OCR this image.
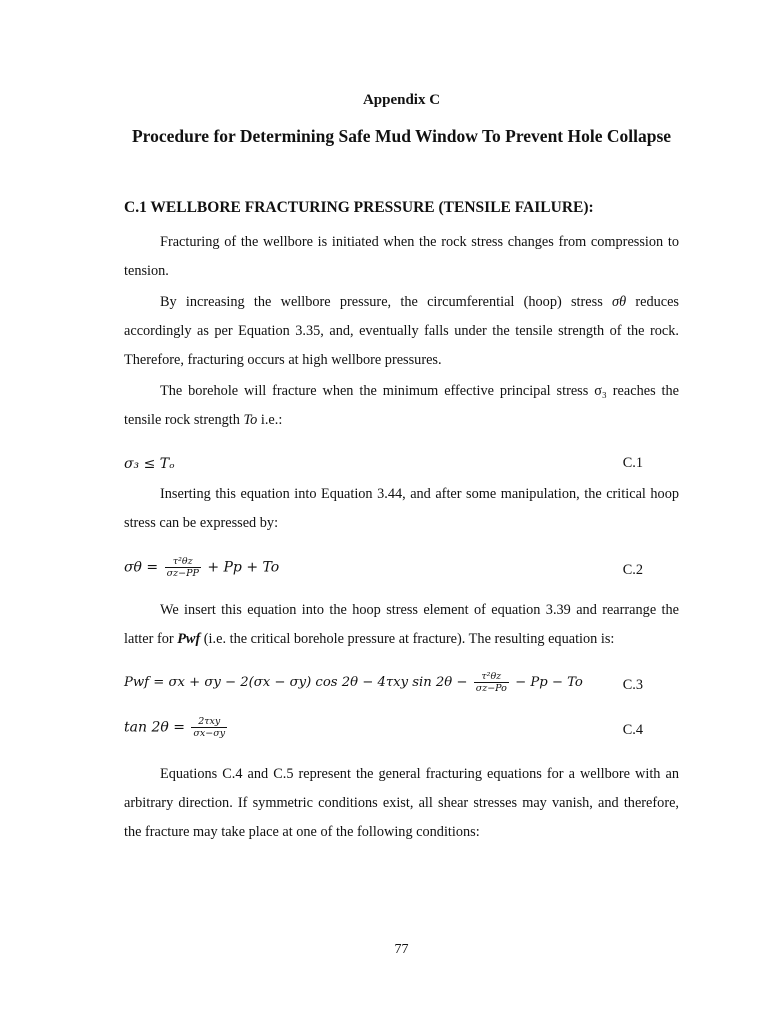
Appendix C
Procedure for Determining Safe Mud Window To Prevent Hole Collapse
C.1 WELLBORE FRACTURING PRESSURE (TENSILE FAILURE):

Fracturing of the wellbore is initiated when the rock stress changes from compression to tension.

By increasing the wellbore pressure, the circumferential (hoop) stress σθ reduces accordingly as per Equation 3.35, and, eventually falls under the tensile strength of the rock. Therefore, fracturing occurs at high wellbore pressures.

The borehole will fracture when the minimum effective principal stress σ₃ reaches the tensile rock strength To i.e.:

σ₃ ≤ Tₒ	C.1

Inserting this equation into Equation 3.44, and after some manipulation, the critical hoop stress can be expressed by:

$\sigma\theta = \frac{\text{τ²θz}}{\sigma z-PP} + Pp + To$	C.2

We insert this equation into the hoop stress element of equation 3.39 and rearrange the latter for Pwf (i.e. the critical borehole pressure at fracture). The resulting equation is:

Pwf = σx + σy − 2(σx − σy) cos 2θ − 4τxy $\sin 2\theta - \frac{\text{τ²θz}}{\sigma z-Po} - Pp - To$	C.3
$\tan 2\theta = \frac{\text{2τxy}}{\sigma x-\sigma y}$	C.4

Equations C.4 and C.5 represent the general fracturing equations for a wellbore with an arbitrary direction. If symmetric conditions exist, all shear stresses may vanish, and therefore, the fracture may take place at one of the following conditions:

77
